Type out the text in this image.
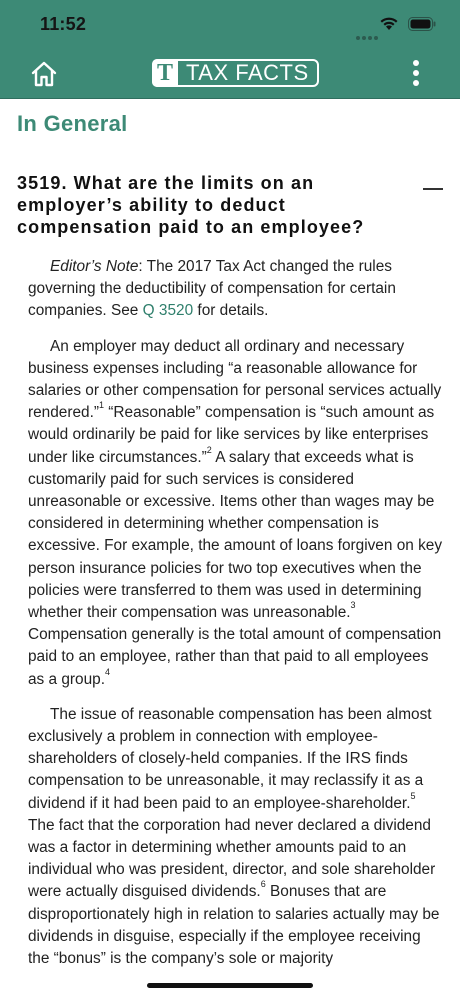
11:52
T TAX FACTS
In General
3519. What are the limits on an employer’s ability to deduct compensation paid to an employee?

Editor’s Note: The 2017 Tax Act changed the rules governing the deductibility of compensation for certain companies. See Q 3520 for details.

An employer may deduct all ordinary and necessary business expenses including “a reasonable allowance for salaries or other compensation for personal services actually rendered.”$^1$ “Reasonable” compensation is “such amount as would ordinarily be paid for like services by like enterprises under like circumstances.”$^2$ A salary that exceeds what is customarily paid for such services is considered unreasonable or excessive. Items other than wages may be considered in determining whether compensation is excessive. For example, the amount of loans forgiven on key person insurance policies for two top executives when the policies were transferred to them was used in determining whether their compensation was unreasonable.$^3$ Compensation generally is the total amount of compensation paid to an employee, rather than that paid to all employees as a group.$^4$

The issue of reasonable compensation has been almost exclusively a problem in connection with employee-shareholders of closely-held companies. If the IRS finds compensation to be unreasonable, it may reclassify it as a dividend if it had been paid to an employee-shareholder.$^5$ The fact that the corporation had never declared a dividend was a factor in determining whether amounts paid to an individual who was president, director, and sole shareholder were actually disguised dividends.$^6$ Bonuses that are disproportionately high in relation to salaries actually may be dividends in disguise, especially if the employee receiving the “bonus” is the company’s sole or majority
